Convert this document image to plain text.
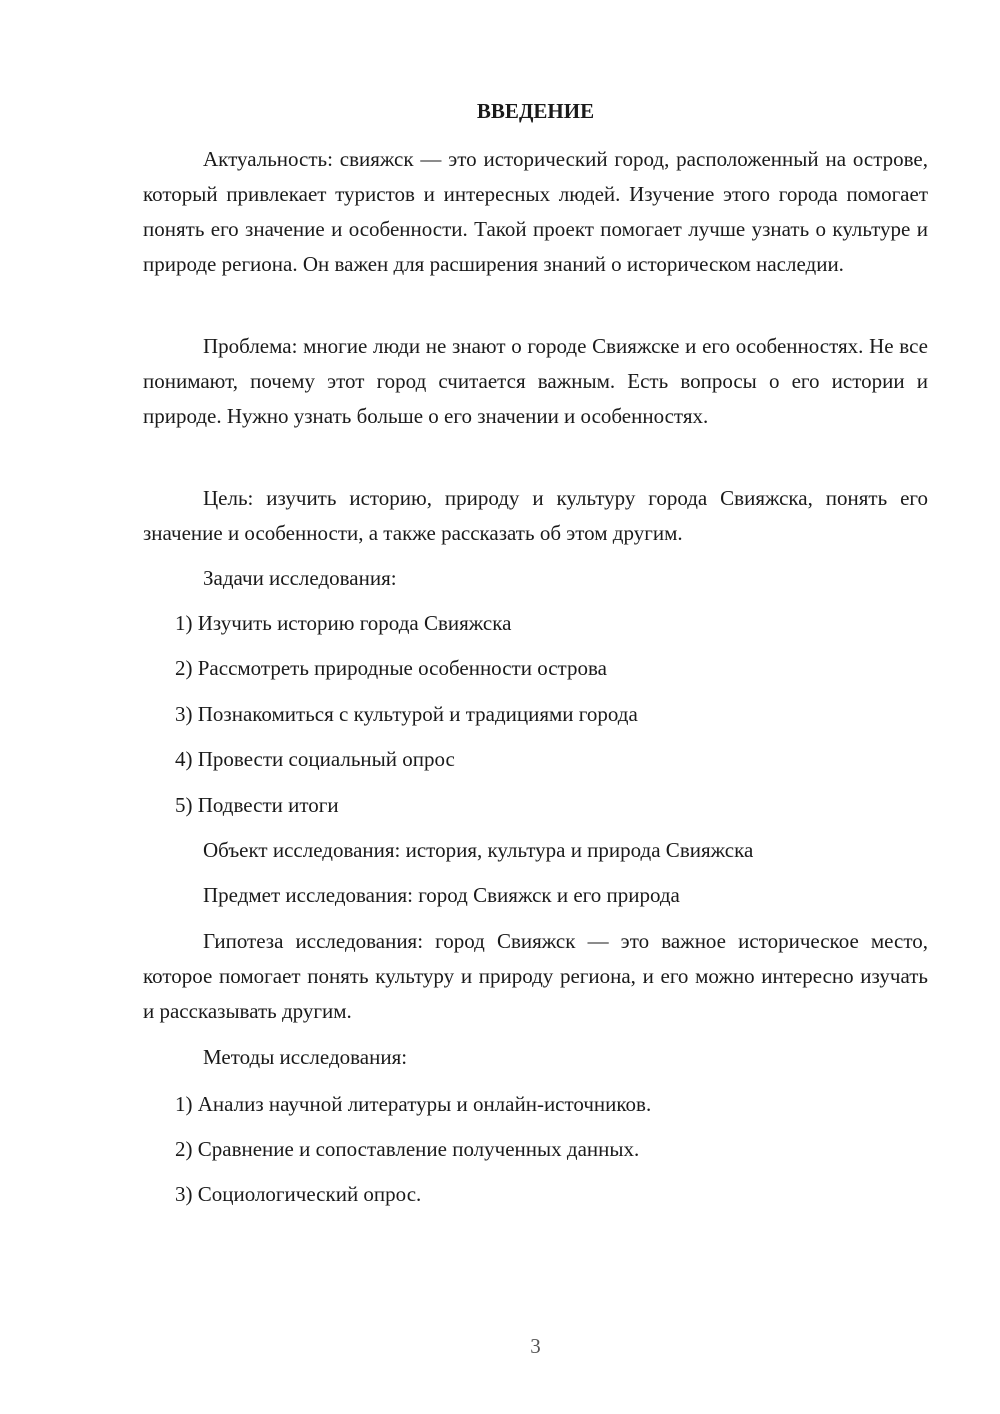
ВВЕДЕНИЕ

Актуальность: свияжск — это исторический город, расположенный на острове, который привлекает туристов и интересных людей. Изучение этого города помогает понять его значение и особенности. Такой проект помогает лучше узнать о культуре и природе региона. Он важен для расширения знаний о историческом наследии.

Проблема: многие люди не знают о городе Свияжске и его особенностях. Не все понимают, почему этот город считается важным. Есть вопросы о его истории и природе. Нужно узнать больше о его значении и особенностях.

Цель: изучить историю, природу и культуру города Свияжска, понять его значение и особенности, а также рассказать об этом другим.

Задачи исследования:

1) Изучить историю города Свияжска

2) Рассмотреть природные особенности острова

3) Познакомиться с культурой и традициями города

4) Провести социальный опрос

5) Подвести итоги

Объект исследования: история, культура и природа Свияжска

Предмет исследования: город Свияжск и его природа

Гипотеза исследования: город Свияжск — это важное историческое место, которое помогает понять культуру и природу региона, и его можно интересно изучать и рассказывать другим.

Методы исследования:

1) Анализ научной литературы и онлайн-источников.

2) Сравнение и сопоставление полученных данных.

3) Социологический опрос.

3
